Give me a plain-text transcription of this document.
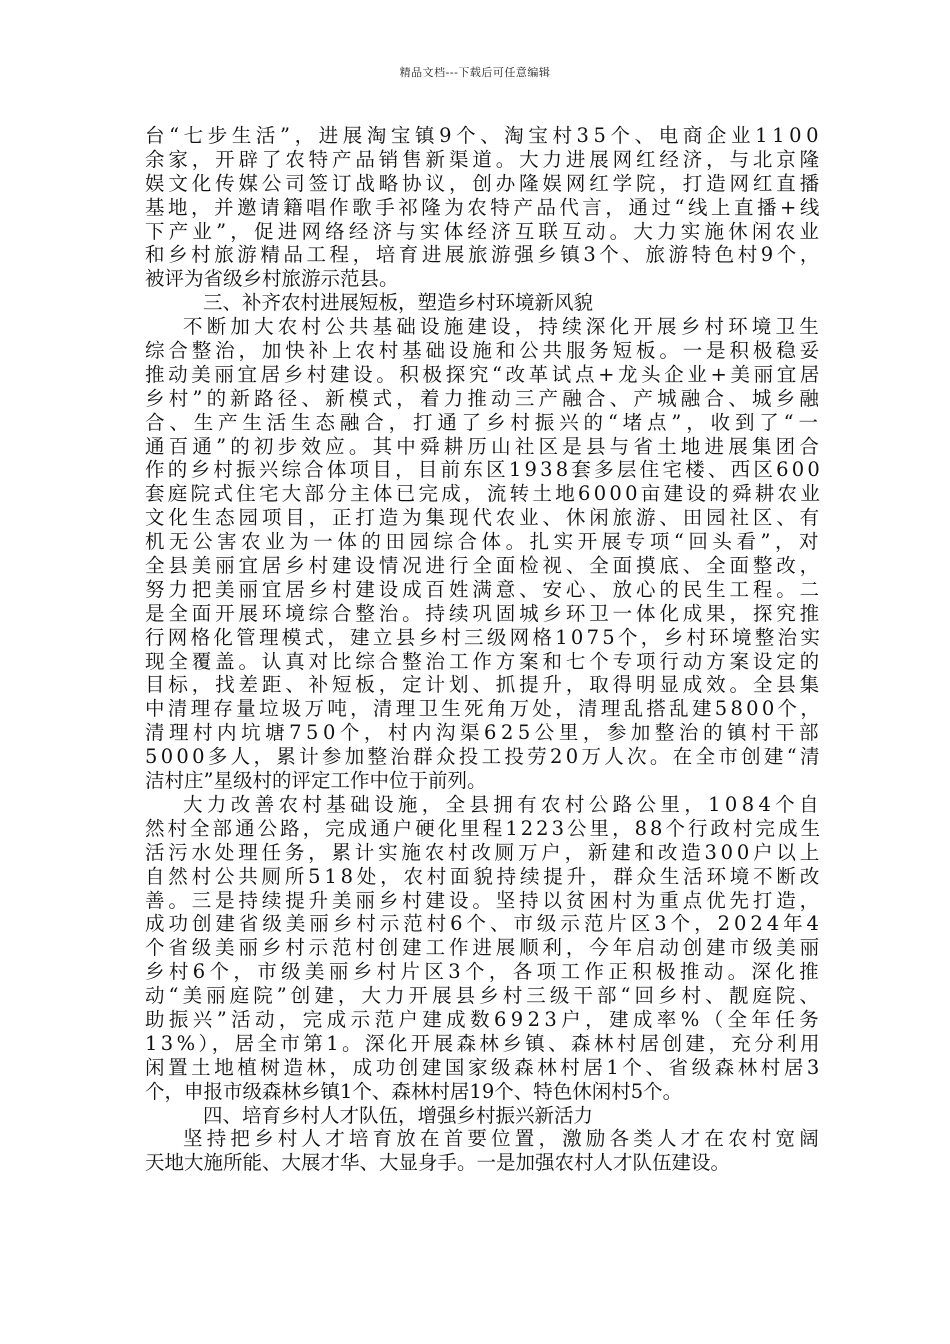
精品文档---下载后可任意编辑
台“七步生活”，进展淘宝镇9个、淘宝村35个、电商企业1100
余家，开辟了农特产品销售新渠道。大力进展网红经济，与北京隆
娱文化传媒公司签订战略协议，创办隆娱网红学院，打造网红直播
基地，并邀请籍唱作歌手祁隆为农特产品代言，通过“线上直播+线
下产业”，促进网络经济与实体经济互联互动。大力实施休闲农业
和乡村旅游精品工程，培育进展旅游强乡镇3个、旅游特色村9个，
被评为省级乡村旅游示范县。
三、补齐农村进展短板，塑造乡村环境新风貌
不断加大农村公共基础设施建设，持续深化开展乡村环境卫生
综合整治，加快补上农村基础设施和公共服务短板。一是积极稳妥
推动美丽宜居乡村建设。积极探究“改革试点+龙头企业+美丽宜居
乡村”的新路径、新模式，着力推动三产融合、产城融合、城乡融
合、生产生活生态融合，打通了乡村振兴的“堵点”，收到了“一
通百通”的初步效应。其中舜耕历山社区是县与省土地进展集团合
作的乡村振兴综合体项目，目前东区1938套多层住宅楼、西区600
套庭院式住宅大部分主体已完成，流转土地6000亩建设的舜耕农业
文化生态园项目，正打造为集现代农业、休闲旅游、田园社区、有
机无公害农业为一体的田园综合体。扎实开展专项“回头看”，对
全县美丽宜居乡村建设情况进行全面检视、全面摸底、全面整改，
努力把美丽宜居乡村建设成百姓满意、安心、放心的民生工程。二
是全面开展环境综合整治。持续巩固城乡环卫一体化成果，探究推
行网格化管理模式，建立县乡村三级网格1075个，乡村环境整治实
现全覆盖。认真对比综合整治工作方案和七个专项行动方案设定的
目标，找差距、补短板，定计划、抓提升，取得明显成效。全县集
中清理存量垃圾万吨，清理卫生死角万处，清理乱搭乱建5800个，
清理村内坑塘750个，村内沟渠625公里，参加整治的镇村干部
5000多人，累计参加整治群众投工投劳20万人次。在全市创建“清
洁村庄”星级村的评定工作中位于前列。
大力改善农村基础设施，全县拥有农村公路公里，1084个自
然村全部通公路，完成通户硬化里程1223公里，88个行政村完成生
活污水处理任务，累计实施农村改厕万户，新建和改造300户以上
自然村公共厕所518处，农村面貌持续提升，群众生活环境不断改
善。三是持续提升美丽乡村建设。坚持以贫困村为重点优先打造，
成功创建省级美丽乡村示范村6个、市级示范片区3个，2024年4
个省级美丽乡村示范村创建工作进展顺利，今年启动创建市级美丽
乡村6个，市级美丽乡村片区3个，各项工作正积极推动。深化推
动“美丽庭院”创建，大力开展县乡村三级干部“回乡村、靓庭院、
助振兴”活动，完成示范户建成数6923户，建成率%（全年任务
13%），居全市第1。深化开展森林乡镇、森林村居创建，充分利用
闲置土地植树造林，成功创建国家级森林村居1个、省级森林村居3
个，申报市级森林乡镇1个、森林村居19个、特色休闲村5个。
四、培育乡村人才队伍，增强乡村振兴新活力
坚持把乡村人才培育放在首要位置，激励各类人才在农村宽阔
天地大施所能、大展才华、大显身手。一是加强农村人才队伍建设。
